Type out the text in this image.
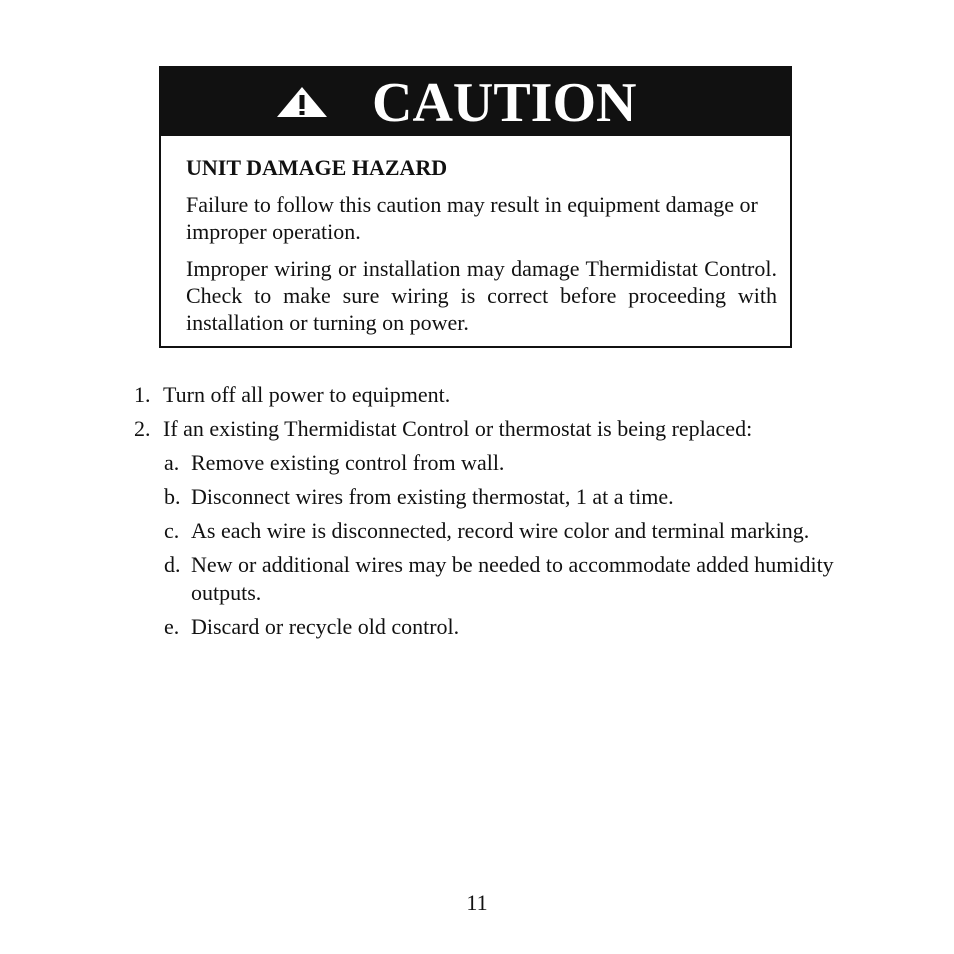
CAUTION

UNIT DAMAGE HAZARD

Failure to follow this caution may result in equipment damage or improper operation.

Improper wiring or installation may damage Thermidistat Control. Check to make sure wiring is correct before proceeding with installation or turning on power.

1. Turn off all power to equipment.
2. If an existing Thermidistat Control or thermostat is being replaced:
a. Remove existing control from wall.
b. Disconnect wires from existing thermostat, 1 at a time.
c. As each wire is disconnected, record wire color and terminal marking.
d. New or additional wires may be needed to accommodate added humidity outputs.
e. Discard or recycle old control.
11
